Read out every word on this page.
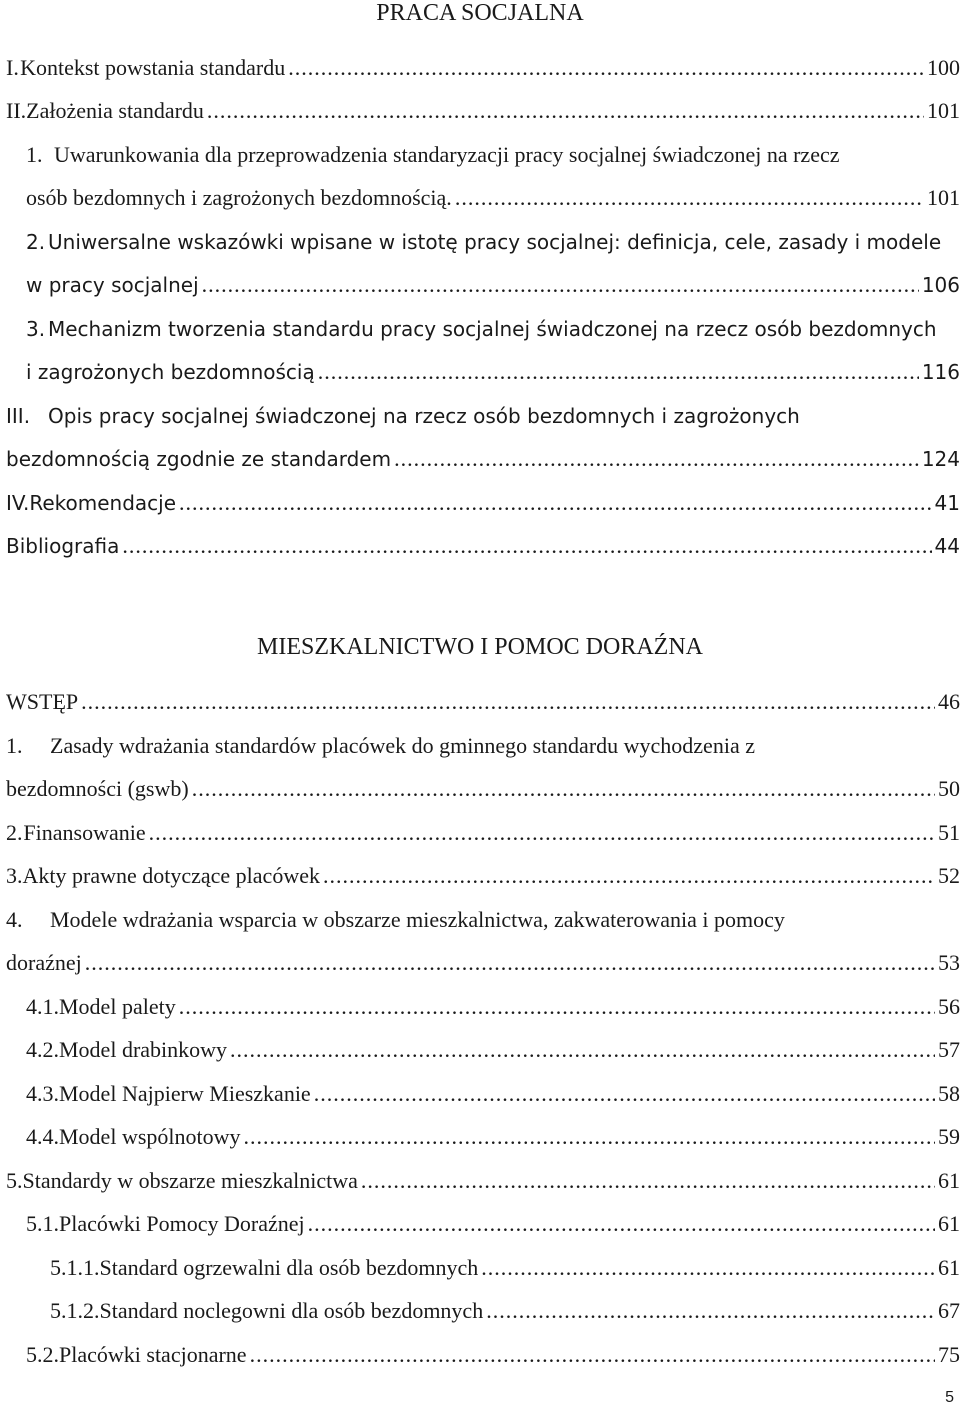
PRACA SOCJALNA
I. Kontekst powstania standardu .....	100
II. Założenia standardu .....	101
1. Uwarunkowania dla przeprowadzenia standaryzacji pracy socjalnej świadczonej na rzecz
osób bezdomnych i zagrożonych bezdomnością. .....	101
2. Uniwersalne wskazówki wpisane w istotę pracy socjalnej: definicja, cele, zasady i modele
w pracy socjalnej .....	106
3. Mechanizm tworzenia standardu pracy socjalnej świadczonej na rzecz osób bezdomnych
i zagrożonych bezdomnością .....	116
III. Opis pracy socjalnej świadczonej na rzecz osób bezdomnych i zagrożonych
bezdomnością zgodnie ze standardem .....	124
IV. Rekomendacje .....	41
Bibliografia .....	44
MIESZKALNICTWO I POMOC DORAŹNA
WSTĘP .....	46
1.	Zasady wdrażania standardów placówek do gminnego standardu wychodzenia z
bezdomności (gswb) .....	50
2. Finansowanie .....	51
3. Akty prawne dotyczące placówek .....	52
4.	Modele wdrażania wsparcia w obszarze mieszkalnictwa, zakwaterowania i pomocy
doraźnej .....	53
4.1. Model palety .....	56
4.2. Model drabinkowy .....	57
4.3. Model Najpierw Mieszkanie .....	58
4.4. Model wspólnotowy .....	59
5. Standardy w obszarze mieszkalnictwa .....	61
5.1. Placówki Pomocy Doraźnej .....	61
5.1.1. Standard ogrzewalni dla osób bezdomnych .....	61
5.1.2. Standard noclegowni dla osób bezdomnych .....	67
5.2. Placówki stacjonarne .....	75
5
